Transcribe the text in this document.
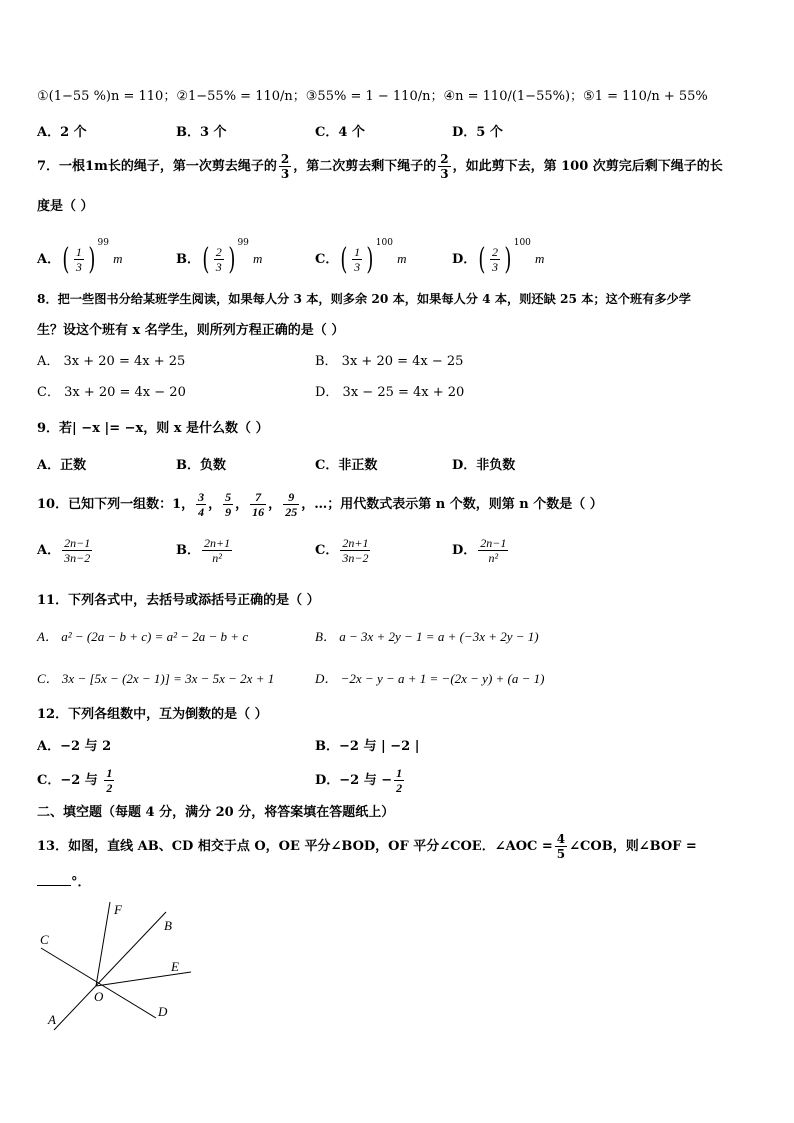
①(1−55 %)n = 110；②1−55% = 110/n；③55% = 1 − 110/n；④n = 110/(1−55%)；⑤1 = 110/n + 55%
A．2 个	B．3 个	C．4 个	D．5 个
7．一根1m长的绳子，第一次剪去绳子的 $\frac{2}{3}$ ，第二次剪去剩下绳子的 $\frac{2}{3}$ ，如此剪下去，第 100 次剪完后剩下绳子的长
度是（ ）
A．( $\frac{1}{3}$ ) $^{99}$ m	B．( $\frac{2}{3}$ ) $^{99}$ m	C．( $\frac{1}{3}$ ) $^{100}$ m	D．( $\frac{2}{3}$ ) $^{100}$ m
8．把一些图书分给某班学生阅读，如果每人分 3 本，则多余 20 本，如果每人分 4 本，则还缺 25 本；这个班有多少学
生？设这个班有 x 名学生，则所列方程正确的是（ ）
A． 3x + 20 = 4x + 25	B． 3x + 20 = 4x − 25
C． 3x + 20 = 4x − 20	D． 3x − 25 = 4x + 20
9．若| −x |= −x，则 x 是什么数（ ）
A．正数	B．负数	C．非正数	D．非负数
10．已知下列一组数：1， $\frac{3}{4}$ ， $\frac{5}{9}$ ， $\frac{7}{16}$ ， $\frac{9}{25}$ ，…；用代数式表示第 n 个数，则第 n 个数是（ ）
A． $\frac{2n-1}{3n-2}$	B． $\frac{2n+1}{\text{n²}}$	C． $\frac{2n+1}{3n-2}$	D． $\frac{2n-1}{\text{n²}}$
11．下列各式中，去括号或添括号正确的是（ ）
A． a² − (2a − b + c) = a² − 2a − b + c	B． a − 3x + 2y − 1 = a + (−3x + 2y − 1)
C． 3x − [5x − (2x − 1)] = 3x − 5x − 2x + 1	D． −2x − y − a + 1 = −(2x − y) + (a − 1)
12．下列各组数中，互为倒数的是（ ）
A．−2 与 2	B．−2 与 | −2 |
C．−2 与 $\frac{1}{2}$	D．−2 与 − $\frac{1}{2}$
二、填空题（每题 4 分，满分 20 分，将答案填在答题纸上）
13．如图，直线 AB、CD 相交于点 O，OE 平分∠BOD，OF 平分∠COE．∠AOC = $\frac{4}{5}$ ∠COB，则∠BOF =
°．
F
B
C
E
O
A
D
